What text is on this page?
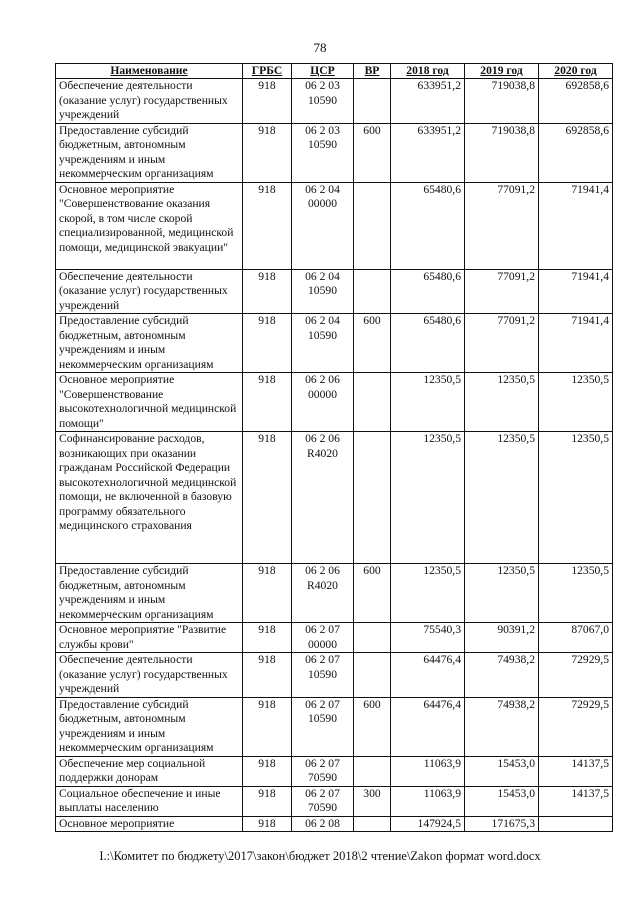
78
Наименование	ГРБС	ЦСР	ВР	2018 год	2019 год	2020 год
Обеспечение деятельности (оказание услуг) государственных учреждений	918	06 2 03 10590		633951,2	719038,8	692858,6
Предоставление субсидий бюджетным, автономным учреждениям и иным некоммерческим организациям	918	06 2 03 10590	600	633951,2	719038,8	692858,6
Основное мероприятие "Совершенствование оказания скорой, в том числе скорой специализированной, медицинской помощи, медицинской эвакуации"	918	06 2 04 00000		65480,6	77091,2	71941,4
Обеспечение деятельности (оказание услуг) государственных учреждений	918	06 2 04 10590		65480,6	77091,2	71941,4
Предоставление субсидий бюджетным, автономным учреждениям и иным некоммерческим организациям	918	06 2 04 10590	600	65480,6	77091,2	71941,4
Основное мероприятие "Совершенствование высокотехнологичной медицинской помощи"	918	06 2 06 00000		12350,5	12350,5	12350,5
Софинансирование расходов, возникающих при оказании гражданам Российской Федерации высокотехнологичной медицинской помощи, не включенной в базовую программу обязательного медицинского страхования	918	06 2 06 R4020		12350,5	12350,5	12350,5
Предоставление субсидий бюджетным, автономным учреждениям и иным некоммерческим организациям	918	06 2 06 R4020	600	12350,5	12350,5	12350,5
Основное мероприятие "Развитие службы крови"	918	06 2 07 00000		75540,3	90391,2	87067,0
Обеспечение деятельности (оказание услуг) государственных учреждений	918	06 2 07 10590		64476,4	74938,2	72929,5
Предоставление субсидий бюджетным, автономным учреждениям и иным некоммерческим организациям	918	06 2 07 10590	600	64476,4	74938,2	72929,5
Обеспечение мер социальной поддержки донорам	918	06 2 07 70590		11063,9	15453,0	14137,5
Социальное обеспечение и иные выплаты населению	918	06 2 07 70590	300	11063,9	15453,0	14137,5
Основное мероприятие	918	06 2 08		147924,5	171675,3	
I.:\Комитет по бюджету\2017\закон\бюджет 2018\2 чтение\Zakon формат word.docx
